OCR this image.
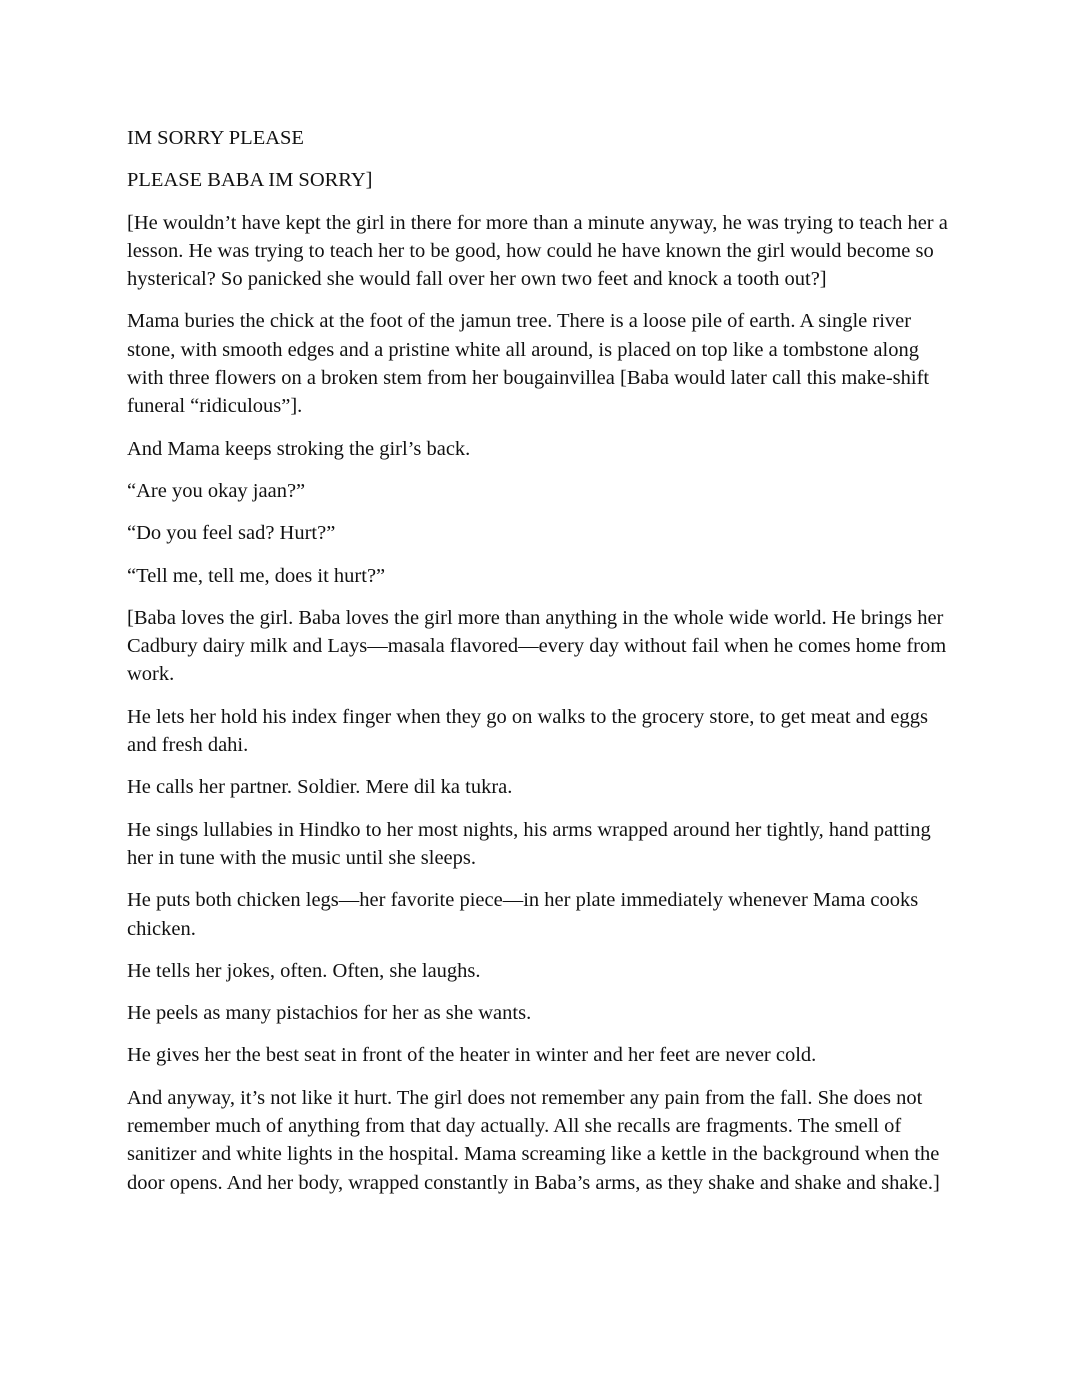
IM SORRY PLEASE

PLEASE BABA IM SORRY]

[He wouldn’t have kept the girl in there for more than a minute anyway, he was trying to teach her a lesson. He was trying to teach her to be good, how could he have known the girl would become so hysterical? So panicked she would fall over her own two feet and knock a tooth out?]

Mama buries the chick at the foot of the jamun tree. There is a loose pile of earth. A single river stone, with smooth edges and a pristine white all around, is placed on top like a tombstone along with three flowers on a broken stem from her bougainvillea [Baba would later call this make-shift funeral “ridiculous”].

And Mama keeps stroking the girl’s back.

“Are you okay jaan?”

“Do you feel sad? Hurt?”

“Tell me, tell me, does it hurt?”

[Baba loves the girl. Baba loves the girl more than anything in the whole wide world. He brings her Cadbury dairy milk and Lays—masala flavored—every day without fail when he comes home from work.

He lets her hold his index finger when they go on walks to the grocery store, to get meat and eggs and fresh dahi.

He calls her partner. Soldier. Mere dil ka tukra.

He sings lullabies in Hindko to her most nights, his arms wrapped around her tightly, hand patting her in tune with the music until she sleeps.

He puts both chicken legs—her favorite piece—in her plate immediately whenever Mama cooks chicken.

He tells her jokes, often. Often, she laughs.

He peels as many pistachios for her as she wants.

He gives her the best seat in front of the heater in winter and her feet are never cold.

And anyway, it’s not like it hurt. The girl does not remember any pain from the fall. She does not remember much of anything from that day actually. All she recalls are fragments. The smell of sanitizer and white lights in the hospital. Mama screaming like a kettle in the background when the door opens. And her body, wrapped constantly in Baba’s arms, as they shake and shake and shake.]
